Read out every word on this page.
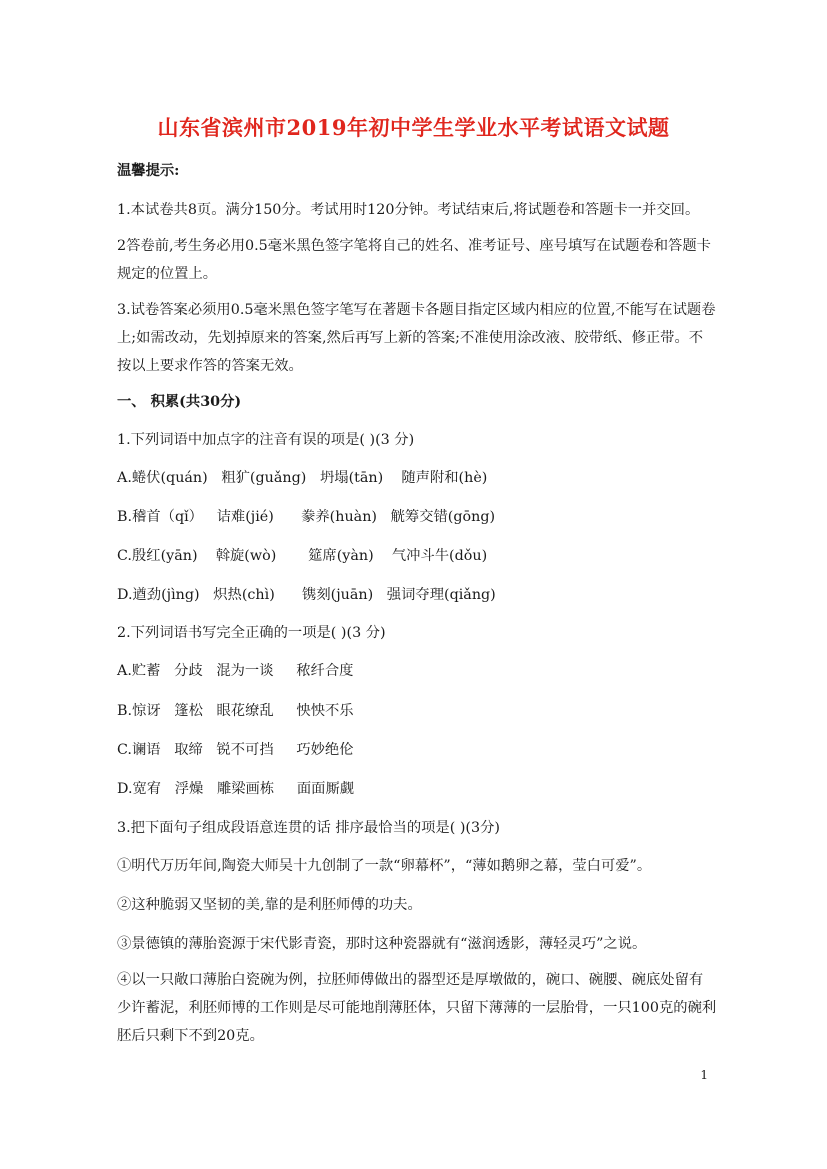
山东省滨州市2019年初中学生学业水平考试语文试题
温馨提示:
1.本试卷共8页。满分150分。考试用时120分钟。考试结束后,将试题卷和答题卡一并交回。
2答卷前,考生务必用0.5毫米黑色签字笔将自己的姓名、准考证号、座号填写在试题卷和答题卡规定的位置上。
3.试卷答案必须用0.5毫米黑色签字笔写在著题卡各题目指定区域内相应的位置,不能写在试题卷上;如需改动，先划掉原来的答案,然后再写上新的答案;不准使用涂改液、胶带纸、修正带。不按以上要求作答的答案无效。
一、 积累(共30分)
1.下列词语中加点字的注音有误的项是( )(3 分)
A.蜷伏(quán)   粗犷(guǎng)   坍塌(tān)    随声附和(hè)
B.稽首（qǐ）   诘难(jié)      豢养(huàn)   觥筹交错(gōng)
C.殷红(yān)    斡旋(wò)       筵席(yàn)    气冲斗牛(dǒu)
D.遒劲(jìng)   炽热(chì)      镌刻(juān)   强词夺理(qiǎng)
2.下列词语书写完全正确的一项是( )(3 分)
A.贮蓄   分歧   混为一谈     秾纤合度
B.惊讶   篷松   眼花缭乱     怏怏不乐
C.谰语   取缔   锐不可挡     巧妙绝伦
D.宽宥   浮燥   雕梁画栋     面面厮觑
3.把下面句子组成段语意连贯的话 排序最恰当的项是( )(3分)
①明代万历年间,陶瓷大师吴十九创制了一款“卵幕杯”，“薄如鹅卵之幕，莹白可爱”。
②这种脆弱又坚韧的美,靠的是利胚师傅的功夫。
③景德镇的薄胎瓷源于宋代影青瓷，那时这种瓷器就有“滋润透影，薄轻灵巧”之说。
④以一只敞口薄胎白瓷碗为例，拉胚师傅做出的器型还是厚墩做的，碗口、碗腰、碗底处留有少许蓄泥，利胚师博的工作则是尽可能地削薄胚体，只留下薄薄的一层胎骨，一只100克的碗利胚后只剩下不到20克。
1
